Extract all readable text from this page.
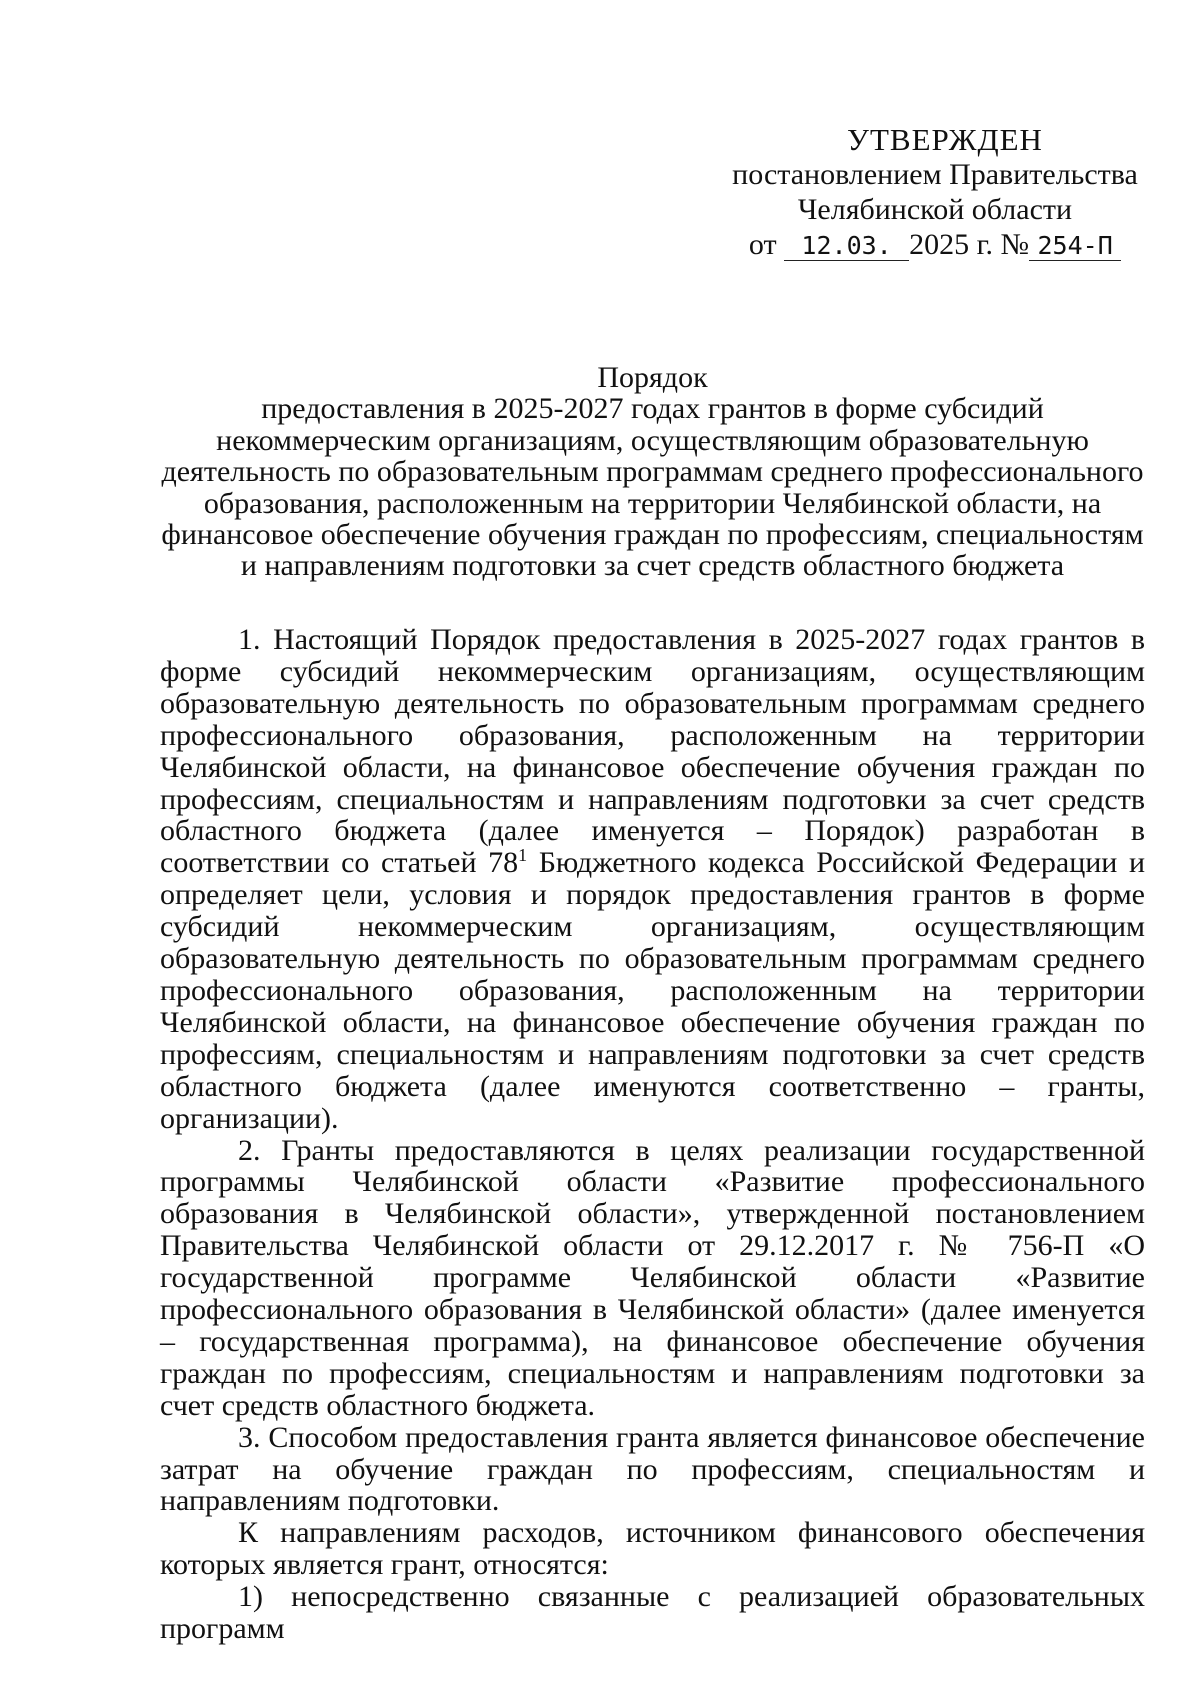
УТВЕРЖДЕН
постановлением Правительства
Челябинской области
от 12.03. 2025 г. № 254-П
Порядок
предоставления в 2025-2027 годах грантов в форме субсидий некоммерческим организациям, осуществляющим образовательную деятельность по образовательным программам среднего профессионального образования, расположенным на территории Челябинской области, на финансовое обеспечение обучения граждан по профессиям, специальностям и направлениям подготовки за счет средств областного бюджета

1. Настоящий Порядок предоставления в 2025-2027 годах грантов в форме субсидий некоммерческим организациям, осуществляющим образовательную деятельность по образовательным программам среднего профессионального образования, расположенным на территории Челябинской области, на финансовое обеспечение обучения граждан по профессиям, специальностям и направлениям подготовки за счет средств областного бюджета (далее именуется – Порядок) разработан в соответствии со статьей $78^1$ Бюджетного кодекса Российской Федерации и определяет цели, условия и порядок предоставления грантов в форме субсидий некоммерческим организациям, осуществляющим образовательную деятельность по образовательным программам среднего профессионального образования, расположенным на территории Челябинской области, на финансовое обеспечение обучения граждан по профессиям, специальностям и направлениям подготовки за счет средств областного бюджета (далее именуются соответственно – гранты, организации).

2. Гранты предоставляются в целях реализации государственной программы Челябинской области «Развитие профессионального образования в Челябинской области», утвержденной постановлением Правительства Челябинской области от 29.12.2017 г. № 756-П «О государственной программе Челябинской области «Развитие профессионального образования в Челябинской области» (далее именуется – государственная программа), на финансовое обеспечение обучения граждан по профессиям, специальностям и направлениям подготовки за счет средств областного бюджета.

3. Способом предоставления гранта является финансовое обеспечение затрат на обучение граждан по профессиям, специальностям и направлениям подготовки.

К направлениям расходов, источником финансового обеспечения которых является грант, относятся:

1) непосредственно связанные с реализацией образовательных программ
